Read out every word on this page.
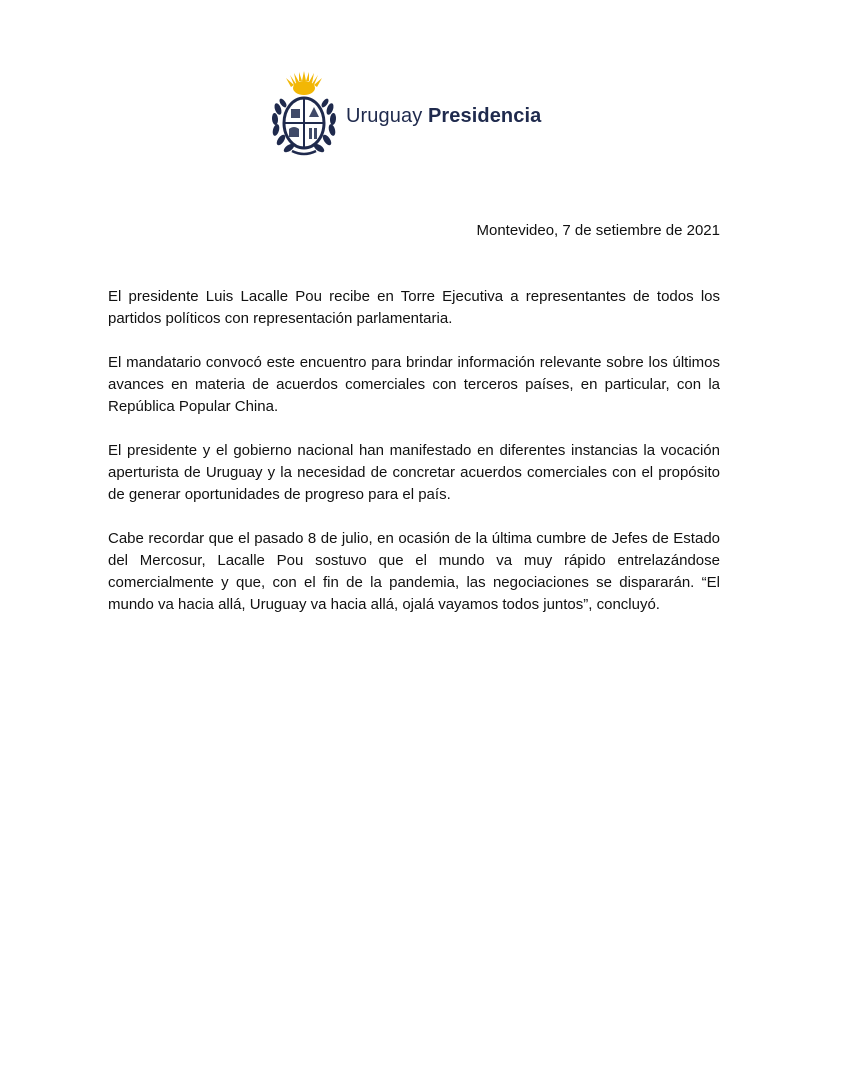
Uruguay Presidencia
Montevideo, 7 de setiembre de 2021

El presidente Luis Lacalle Pou recibe en Torre Ejecutiva a representantes de todos los partidos políticos con representación parlamentaria.

El mandatario convocó este encuentro para brindar información relevante sobre los últimos avances en materia de acuerdos comerciales con terceros países, en particular, con la República Popular China.

El presidente y el gobierno nacional han manifestado en diferentes instancias la vocación aperturista de Uruguay y la necesidad de concretar acuerdos comerciales con el propósito de generar oportunidades de progreso para el país.

Cabe recordar que el pasado 8 de julio, en ocasión de la última cumbre de Jefes de Estado del Mercosur, Lacalle Pou sostuvo que el mundo va muy rápido entrelazándose comercialmente y que, con el fin de la pandemia, las negociaciones se dispararán. “El mundo va hacia allá, Uruguay va hacia allá, ojalá vayamos todos juntos”, concluyó.
